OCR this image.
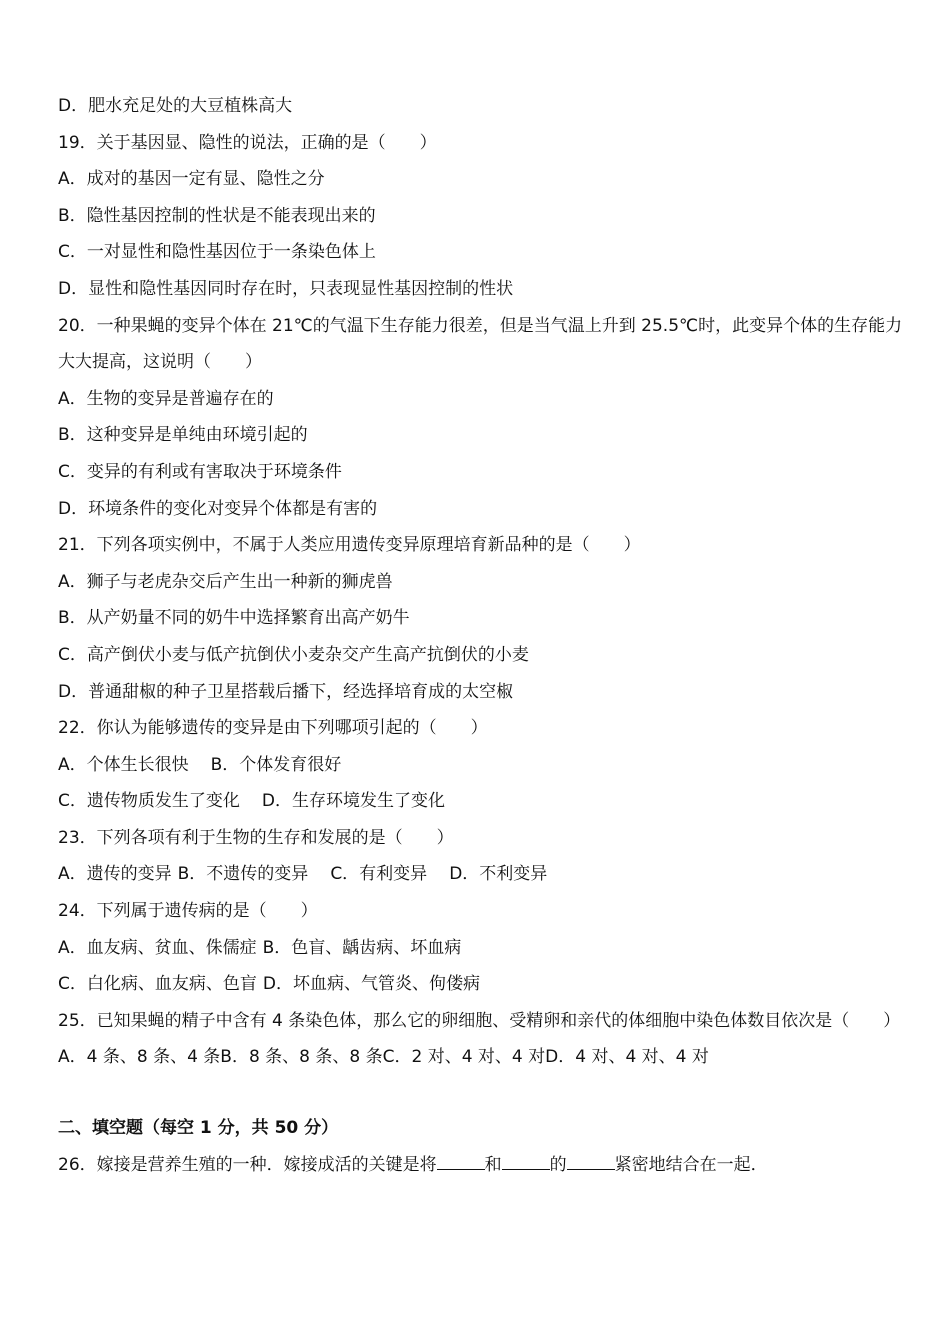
D．肥水充足处的大豆植株高大
19．关于基因显、隐性的说法，正确的是（　　）
A．成对的基因一定有显、隐性之分
B．隐性基因控制的性状是不能表现出来的
C．一对显性和隐性基因位于一条染色体上
D．显性和隐性基因同时存在时，只表现显性基因控制的性状
20．一种果蝇的变异个体在 21℃的气温下生存能力很差，但是当气温上升到 25.5℃时，此变异个体的生存能力大大提高，这说明（　　）
A．生物的变异是普遍存在的
B．这种变异是单纯由环境引起的
C．变异的有利或有害取决于环境条件
D．环境条件的变化对变异个体都是有害的
21．下列各项实例中，不属于人类应用遗传变异原理培育新品种的是（　　）
A．狮子与老虎杂交后产生出一种新的狮虎兽
B．从产奶量不同的奶牛中选择繁育出高产奶牛
C．高产倒伏小麦与低产抗倒伏小麦杂交产生高产抗倒伏的小麦
D．普通甜椒的种子卫星搭载后播下，经选择培育成的太空椒
22．你认为能够遗传的变异是由下列哪项引起的（　　）
A．个体生长很快 B．个体发育很好
C．遗传物质发生了变化 D．生存环境发生了变化
23．下列各项有利于生物的生存和发展的是（　　）
A．遗传的变异 B．不遗传的变异 C．有利变异 D．不利变异
24．下列属于遗传病的是（　　）
A．血友病、贫血、侏儒症 B．色盲、龋齿病、坏血病
C．白化病、血友病、色盲 D．坏血病、气管炎、佝偻病
25．已知果蝇的精子中含有 4 条染色体，那么它的卵细胞、受精卵和亲代的体细胞中染色体数目依次是（　　）
A．4 条、8 条、4 条B．8 条、8 条、8 条C．2 对、4 对、4 对D．4 对、4 对、4 对
二、填空题（每空 1 分，共 50 分）
26．嫁接是营养生殖的一种．嫁接成活的关键是将	和	的	紧密地结合在一起．
